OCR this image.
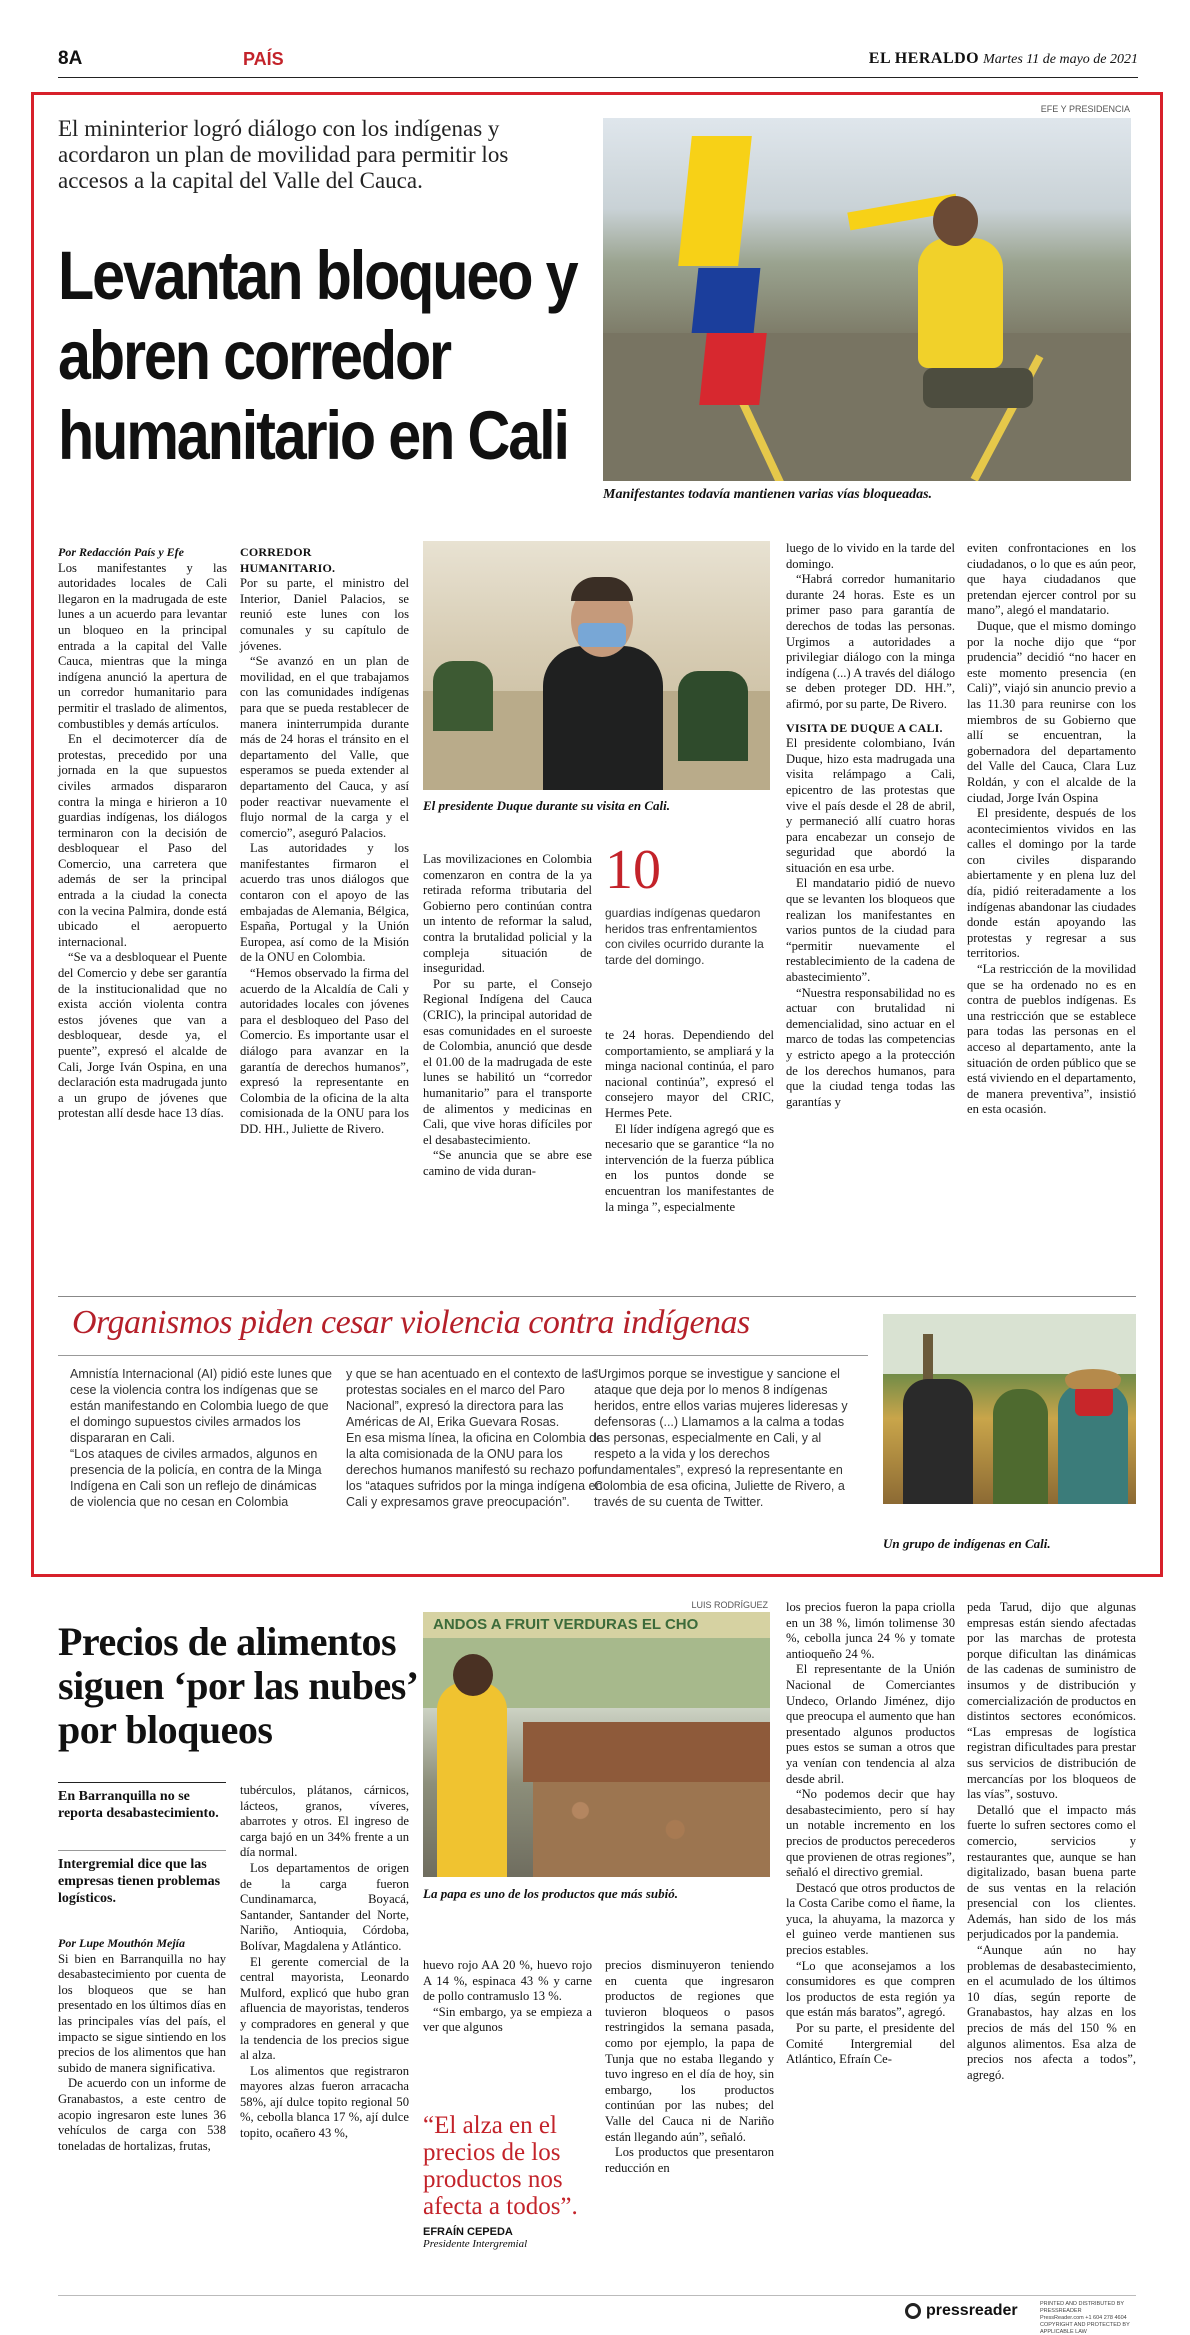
8A	PAÍS	EL HERALDO Martes 11 de mayo de 2021
El mininterior logró diálogo con los indígenas y acordaron un plan de movilidad para permitir los accesos a la capital del Valle del Cauca.
Levantan bloqueo y abren corredor humanitario en Cali
EFE Y PRESIDENCIA
Manifestantes todavía mantienen varias vías bloqueadas.

Por Redacción País y Efe

Los manifestantes y las autoridades locales de Cali llegaron en la madrugada de este lunes a un acuerdo para levantar un bloqueo en la principal entrada a la capital del Valle Cauca, mientras que la minga indígena anunció la apertura de un corredor humanitario para permitir el traslado de alimentos, combustibles y demás artículos.

En el decimotercer día de protestas, precedido por una jornada en la que supuestos civiles armados dispararon contra la minga e hirieron a 10 guardias indígenas, los diálogos terminaron con la decisión de desbloquear el Paso del Comercio, una carretera que además de ser la principal entrada a la ciudad la conecta con la vecina Palmira, donde está ubicado el aeropuerto internacional.

“Se va a desbloquear el Puente del Comercio y debe ser garantía de la institucionalidad que no exista acción violenta contra estos jóvenes que van a desbloquear, desde ya, el puente”, expresó el alcalde de Cali, Jorge Iván Ospina, en una declaración esta madrugada junto a un grupo de jóvenes que protestan allí desde hace 13 días.

CORREDOR HUMANITARIO.

Por su parte, el ministro del Interior, Daniel Palacios, se reunió este lunes con los comunales y su capítulo de jóvenes.

“Se avanzó en un plan de movilidad, en el que trabajamos con las comunidades indígenas para que se pueda restablecer de manera ininterrumpida durante más de 24 horas el tránsito en el departamento del Valle, que esperamos se pueda extender al departamento del Cauca, y así poder reactivar nuevamente el flujo normal de la carga y el comercio”, aseguró Palacios.

Las autoridades y los manifestantes firmaron el acuerdo tras unos diálogos que contaron con el apoyo de las embajadas de Alemania, Bélgica, España, Portugal y la Unión Europea, así como de la Misión de la ONU en Colombia.

“Hemos observado la firma del acuerdo de la Alcaldía de Cali y autoridades locales con jóvenes para el desbloqueo del Paso del Comercio. Es importante usar el diálogo para avanzar en la garantía de derechos humanos”, expresó la representante en Colombia de la oficina de la alta comisionada de la ONU para los DD. HH., Juliette de Rivero.

El presidente Duque durante su visita en Cali.

Las movilizaciones en Colombia comenzaron en contra de la ya retirada reforma tributaria del Gobierno pero continúan contra un intento de reformar la salud, contra la brutalidad policial y la compleja situación de inseguridad.

Por su parte, el Consejo Regional Indígena del Cauca (CRIC), la principal autoridad de esas comunidades en el suroeste de Colombia, anunció que desde el 01.00 de la madrugada de este lunes se habilitó un “corredor humanitario” para el transporte de alimentos y medicinas en Cali, que vive horas difíciles por el desabastecimiento.

“Se anuncia que se abre ese camino de vida duran-

10
guardias indígenas quedaron heridos tras enfrentamientos con civiles ocurrido durante la tarde del domingo.

te 24 horas. Dependiendo del comportamiento, se ampliará y la minga nacional continúa, el paro nacional continúa”, expresó el consejero mayor del CRIC, Hermes Pete.

El líder indígena agregó que es necesario que se garantice “la no intervención de la fuerza pública en los puntos donde se encuentran los manifestantes de la minga ”, especialmente

luego de lo vivido en la tarde del domingo.

“Habrá corredor humanitario durante 24 horas. Este es un primer paso para garantía de derechos de todas las personas. Urgimos a autoridades a privilegiar diálogo con la minga indígena (...) A través del diálogo se deben proteger DD. HH.”, afirmó, por su parte, De Rivero.

VISITA DE DUQUE A CALI.

El presidente colombiano, Iván Duque, hizo esta madrugada una visita relámpago a Cali, epicentro de las protestas que vive el país desde el 28 de abril, y permaneció allí cuatro horas para encabezar un consejo de seguridad que abordó la situación en esa urbe.

El mandatario pidió de nuevo que se levanten los bloqueos que realizan los manifestantes en varios puntos de la ciudad para “permitir nuevamente el restablecimiento de la cadena de abastecimiento”.

“Nuestra responsabilidad no es actuar con brutalidad ni demencialidad, sino actuar en el marco de todas las competencias y estricto apego a la protección de los derechos humanos, para que la ciudad tenga todas las garantías y

eviten confrontaciones en los ciudadanos, o lo que es aún peor, que haya ciudadanos que pretendan ejercer control por su mano”, alegó el mandatario.

Duque, que el mismo domingo por la noche dijo que “por prudencia” decidió “no hacer en este momento presencia (en Cali)”, viajó sin anuncio previo a las 11.30 para reunirse con los miembros de su Gobierno que allí se encuentran, la gobernadora del departamento del Valle del Cauca, Clara Luz Roldán, y con el alcalde de la ciudad, Jorge Iván Ospina

El presidente, después de los acontecimientos vividos en las calles el domingo por la tarde con civiles disparando abiertamente y en plena luz del día, pidió reiteradamente a los indígenas abandonar las ciudades donde están apoyando las protestas y regresar a sus territorios.

“La restricción de la movilidad que se ha ordenado no es en contra de pueblos indígenas. Es una restricción que se establece para todas las personas en el acceso al departamento, ante la situación de orden público que se está viviendo en el departamento, de manera preventiva”, insistió en esta ocasión.

Organismos piden cesar violencia contra indígenas
Amnistía Internacional (AI) pidió este lunes que cese la violencia contra los indígenas que se están manifestando en Colombia luego de que el domingo supuestos civiles armados los dispararan en Cali.
“Los ataques de civiles armados, algunos en presencia de la policía, en contra de la Minga Indígena en Cali son un reflejo de dinámicas de violencia que no cesan en Colombia
y que se han acentuado en el contexto de las protestas sociales en el marco del Paro Nacional”, expresó la directora para las Américas de AI, Erika Guevara Rosas.
En esa misma línea, la oficina en Colombia de la alta comisionada de la ONU para los derechos humanos manifestó su rechazo por los “ataques sufridos por la minga indígena en Cali y expresamos grave preocupación”.
“Urgimos porque se investigue y sancione el ataque que deja por lo menos 8 indígenas heridos, entre ellos varias mujeres lideresas y defensoras (...) Llamamos a la calma a todas las personas, especialmente en Cali, y al respeto a la vida y los derechos fundamentales”, expresó la representante en Colombia de esa oficina, Juliette de Rivero, a través de su cuenta de Twitter.
Un grupo de indígenas en Cali.
Precios de alimentos siguen ‘por las nubes’ por bloqueos
En Barranquilla no se reporta desabastecimiento.
Intergremial dice que las empresas tienen problemas logísticos.

Por Lupe Mouthón Mejía

Si bien en Barranquilla no hay desabastecimiento por cuenta de los bloqueos que se han presentado en los últimos días en las principales vías del país, el impacto se sigue sintiendo en los precios de los alimentos que han subido de manera significativa.

De acuerdo con un informe de Granabastos, a este centro de acopio ingresaron este lunes 36 vehículos de carga con 538 toneladas de hortalizas, frutas,

tubérculos, plátanos, cárnicos, lácteos, granos, víveres, abarrotes y otros. El ingreso de carga bajó en un 34% frente a un día normal.

Los departamentos de origen de la carga fueron Cundinamarca, Boyacá, Santander, Santander del Norte, Nariño, Antioquia, Córdoba, Bolívar, Magdalena y Atlántico.

El gerente comercial de la central mayorista, Leonardo Mulford, explicó que hubo gran afluencia de mayoristas, tenderos y compradores en general y que la tendencia de los precios sigue al alza.

Los alimentos que registraron mayores alzas fueron arracacha 58%, ají dulce topito regional 50 %, cebolla blanca 17 %, ají dulce topito, ocañero 43 %,

LUIS RODRÍGUEZ
ANDOS A FRUIT VERDURAS EL CHO
La papa es uno de los productos que más subió.

huevo rojo AA 20 %, huevo rojo A 14 %, espinaca 43 % y carne de pollo contramuslo 13 %.

“Sin embargo, ya se empieza a ver que algunos

“El alza en el precios de los productos nos afecta a todos”.
EFRAÍN CEPEDA
Presidente Intergremial

precios disminuyeron teniendo en cuenta que ingresaron productos de regiones que tuvieron bloqueos o pasos restringidos la semana pasada, como por ejemplo, la papa de Tunja que no estaba llegando y tuvo ingreso en el día de hoy, sin embargo, los productos continúan por las nubes; del Valle del Cauca ni de Nariño están llegando aún”, señaló.

Los productos que presentaron reducción en

los precios fueron la papa criolla en un 38 %, limón tolimense 30 %, cebolla junca 24 % y tomate antioqueño 24 %.

El representante de la Unión Nacional de Comerciantes Undeco, Orlando Jiménez, dijo que preocupa el aumento que han presentado algunos productos pues estos se suman a otros que ya venían con tendencia al alza desde abril.

“No podemos decir que hay desabastecimiento, pero sí hay un notable incremento en los precios de productos perecederos que provienen de otras regiones”, señaló el directivo gremial.

Destacó que otros productos de la Costa Caribe como el ñame, la yuca, la ahuyama, la mazorca y el guineo verde mantienen sus precios estables.

“Lo que aconsejamos a los consumidores es que compren los productos de esta región ya que están más baratos”, agregó.

Por su parte, el presidente del Comité Intergremial del Atlántico, Efraín Ce-

peda Tarud, dijo que algunas empresas están siendo afectadas por las marchas de protesta porque dificultan las dinámicas de las cadenas de suministro de insumos y de distribución y comercialización de productos en distintos sectores económicos. “Las empresas de logística registran dificultades para prestar sus servicios de distribución de mercancías por los bloqueos de las vías”, sostuvo.

Detalló que el impacto más fuerte lo sufren sectores como el comercio, servicios y restaurantes que, aunque se han digitalizado, basan buena parte de sus ventas en la relación presencial con los clientes. Además, han sido de los más perjudicados por la pandemia.

“Aunque aún no hay problemas de desabastecimiento, en el acumulado de los últimos 10 días, según reporte de Granabastos, hay alzas en los precios de más del 150 % en algunos alimentos. Esa alza de precios nos afecta a todos”, agregó.

pressreader	PRINTED AND DISTRIBUTED BY PRESSREADER
PressReader.com +1 604 278 4604
COPYRIGHT AND PROTECTED BY APPLICABLE LAW
